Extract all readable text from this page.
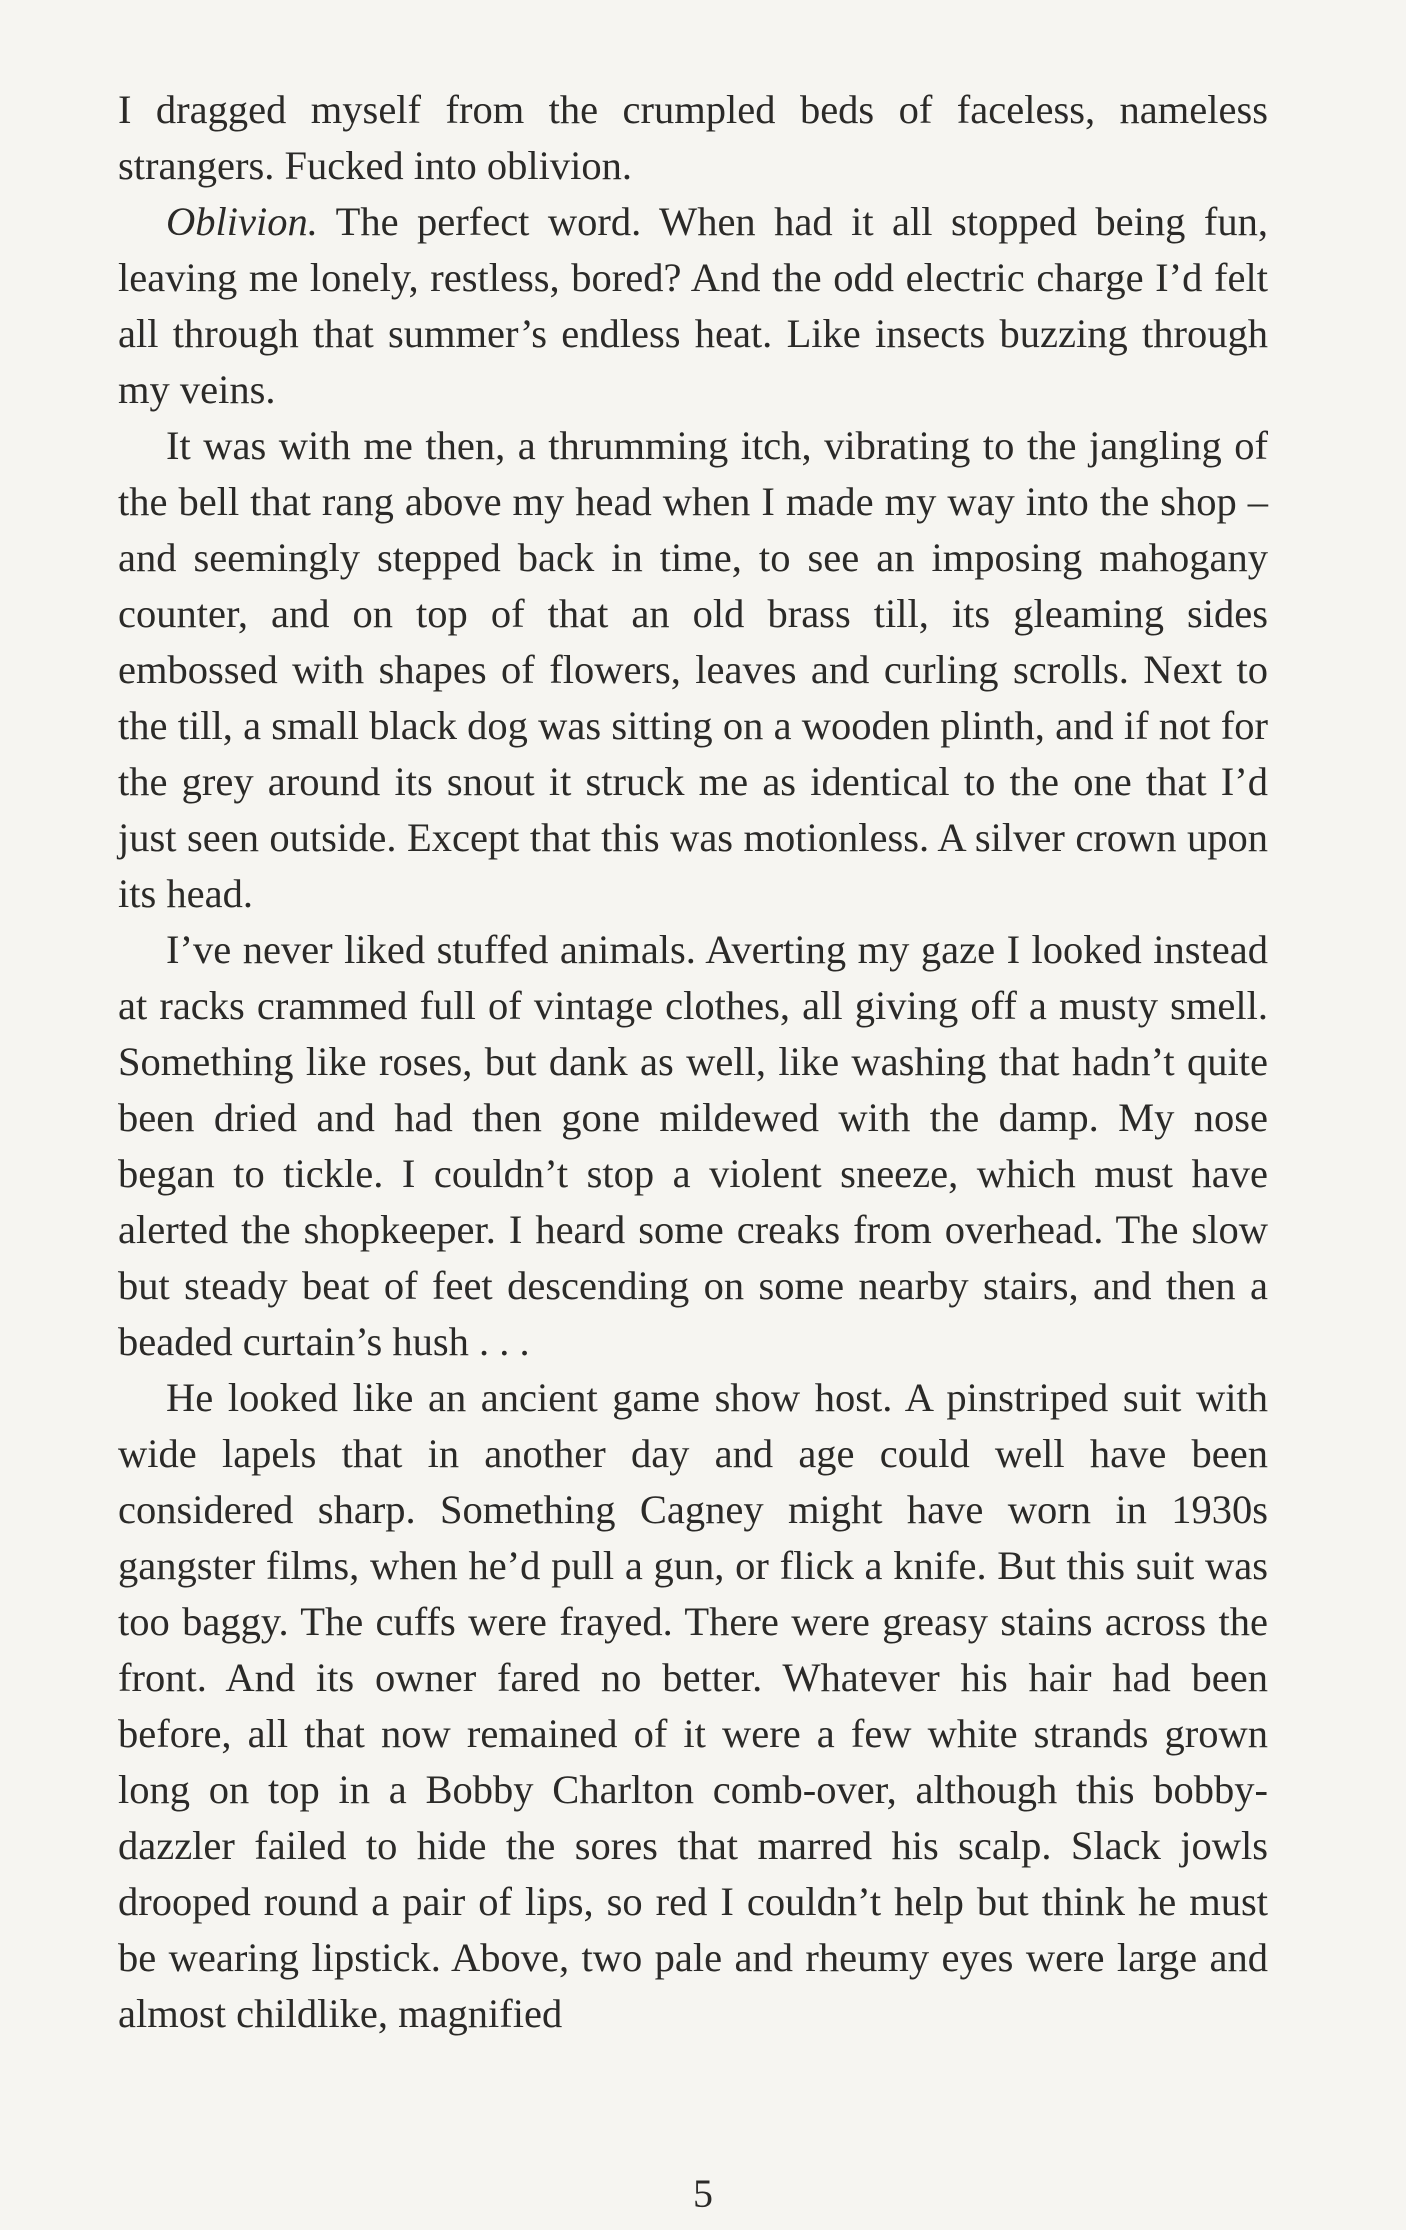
I dragged myself from the crumpled beds of faceless, nameless strangers. Fucked into oblivion.

Oblivion. The perfect word. When had it all stopped being fun, leaving me lonely, restless, bored? And the odd electric charge I’d felt all through that summer’s endless heat. Like insects buzzing through my veins.

It was with me then, a thrumming itch, vibrating to the jangling of the bell that rang above my head when I made my way into the shop – and seemingly stepped back in time, to see an imposing mahogany counter, and on top of that an old brass till, its gleaming sides embossed with shapes of flowers, leaves and curling scrolls. Next to the till, a small black dog was sitting on a wooden plinth, and if not for the grey around its snout it struck me as identical to the one that I’d just seen outside. Except that this was motionless. A silver crown upon its head.

I’ve never liked stuffed animals. Averting my gaze I looked instead at racks crammed full of vintage clothes, all giving off a musty smell. Something like roses, but dank as well, like washing that hadn’t quite been dried and had then gone mildewed with the damp. My nose began to tickle. I couldn’t stop a violent sneeze, which must have alerted the shopkeeper. I heard some creaks from overhead. The slow but steady beat of feet descending on some nearby stairs, and then a beaded curtain’s hush . . .

He looked like an ancient game show host. A pinstriped suit with wide lapels that in another day and age could well have been considered sharp. Something Cagney might have worn in 1930s gangster films, when he’d pull a gun, or flick a knife. But this suit was too baggy. The cuffs were frayed. There were greasy stains across the front. And its owner fared no better. Whatever his hair had been before, all that now remained of it were a few white strands grown long on top in a Bobby Charlton comb-over, although this bobby-dazzler failed to hide the sores that marred his scalp. Slack jowls drooped round a pair of lips, so red I couldn’t help but think he must be wearing lipstick. Above, two pale and rheumy eyes were large and almost childlike, magnified

5
